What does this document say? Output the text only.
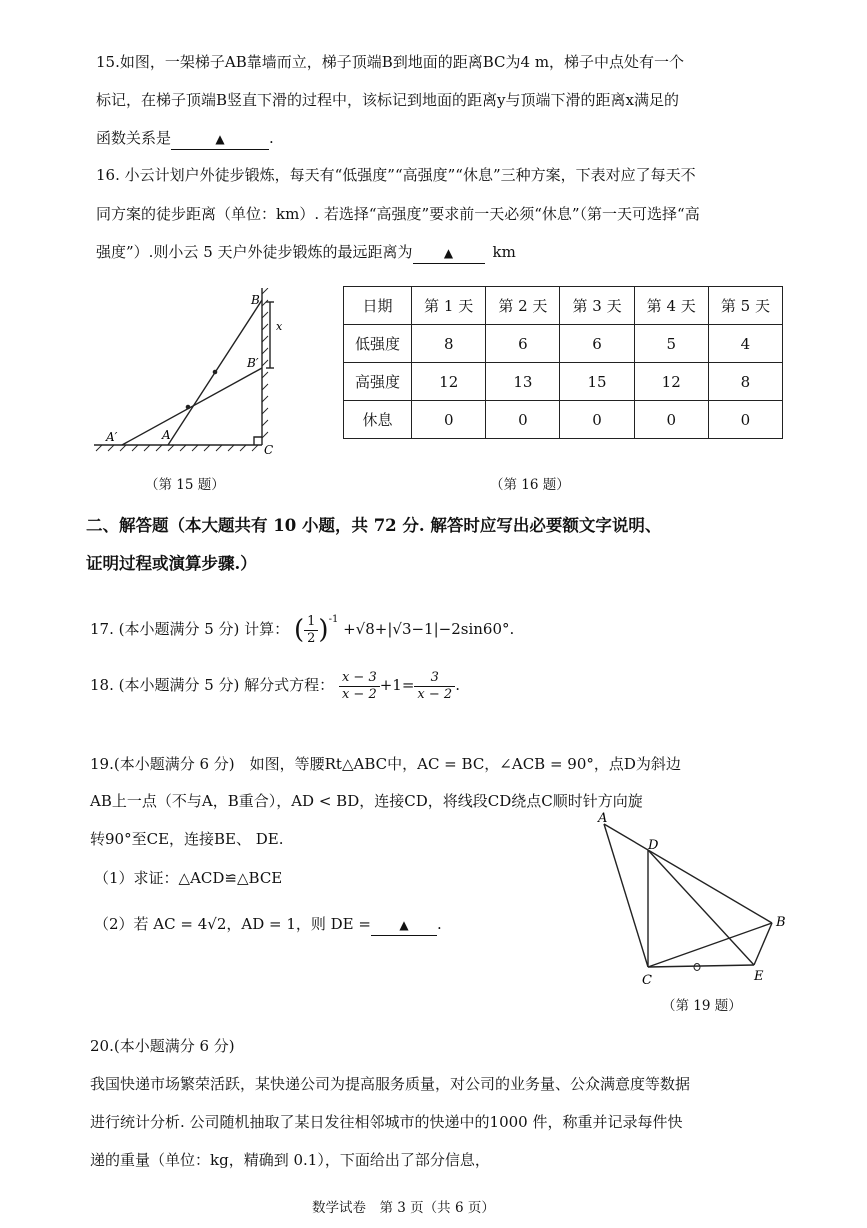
15.如图，一架梯子AB靠墙而立，梯子顶端B到地面的距离BC为4 m，梯子中点处有一个
标记，在梯子顶端B竖直下滑的过程中，该标记到地面的距离y与顶端下滑的距离x满足的
函数关系是	▲	.
16. 小云计划户外徒步锻炼，每天有“低强度”“高强度”“休息”三种方案，下表对应了每天不
同方案的徒步距离（单位：km）. 若选择“高强度”要求前一天必须“休息”（第一天可选择“高
强度”）.则小云 5 天户外徒步锻炼的最远距离为	▲	km
B
B′
x
A
A′
C
日期	第 1 天	第 2 天	第 3 天	第 4 天	第 5 天
低强度	8	6	6	5	4
高强度	12	13	15	12	8
休息	0	0	0	0	0
（第 15 题）	（第 16 题）
二、解答题（本大题共有 10 小题，共 72 分. 解答时应写出必要额文字说明、
证明过程或演算步骤.）
17. (本小题满分 5 分) 计算： ( $\frac{1}{2} )^{-1} +√8+|√3-1|-2\sin 60^\circ$.
18. (本小题满分 5 分) 解分式方程： $\frac{x - 3}{x - 2} +1= \frac{3}{x - 2}$ .
19.(本小题满分 6 分)　如图，等腰Rt△ABC中，AC = BC，∠ACB = 90°，点D为斜边
AB上一点（不与A，B重合），AD < BD，连接CD，将线段CD绕点C顺时针方向旋
转90°至CE，连接BE、 DE.
（1）求证：△ACD≌△BCE
（2）若 AC = 4√2，AD = 1，则 DE = ▲ .
A
D
B
C	E
（第 19 题）
20.(本小题满分 6 分)
我国快递市场繁荣活跃，某快递公司为提高服务质量，对公司的业务量、公众满意度等数据
进行统计分析. 公司随机抽取了某日发往相邻城市的快递中的1000 件，称重并记录每件快
递的重量（单位：kg，精确到 0.1），下面给出了部分信息，
数学试卷　第 3 页（共 6 页）
